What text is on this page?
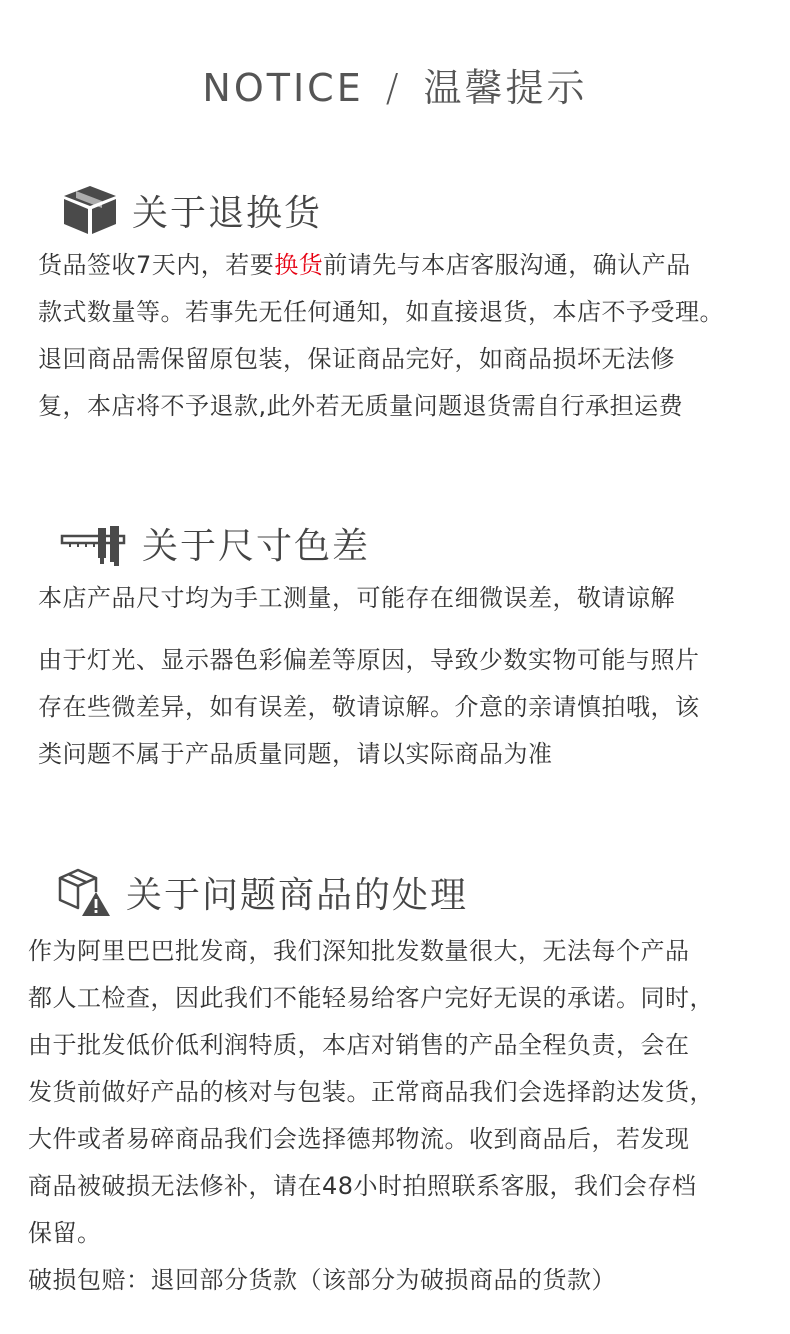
NOTICE / 温馨提示
关于退换货

货品签收7天内，若要换货前请先与本店客服沟通，确认产品

款式数量等。若事先无任何通知，如直接退货，本店不予受理。

退回商品需保留原包装，保证商品完好，如商品损坏无法修

复，本店将不予退款,此外若无质量问题退货需自行承担运费

关于尺寸色差

本店产品尺寸均为手工测量，可能存在细微误差，敬请谅解

由于灯光、显示器色彩偏差等原因，导致少数实物可能与照片

存在些微差异，如有误差，敬请谅解。介意的亲请慎拍哦，该

类问题不属于产品质量同题，请以实际商品为准

关于问题商品的处理

作为阿里巴巴批发商，我们深知批发数量很大，无法每个产品

都人工检查，因此我们不能轻易给客户完好无误的承诺。同时，

由于批发低价低利润特质，本店对销售的产品全程负责，会在

发货前做好产品的核对与包装。正常商品我们会选择韵达发货，

大件或者易碎商品我们会选择德邦物流。收到商品后，若发现

商品被破损无法修补，请在48小时拍照联系客服，我们会存档

保留。

破损包赔：退回部分货款（该部分为破损商品的货款）
